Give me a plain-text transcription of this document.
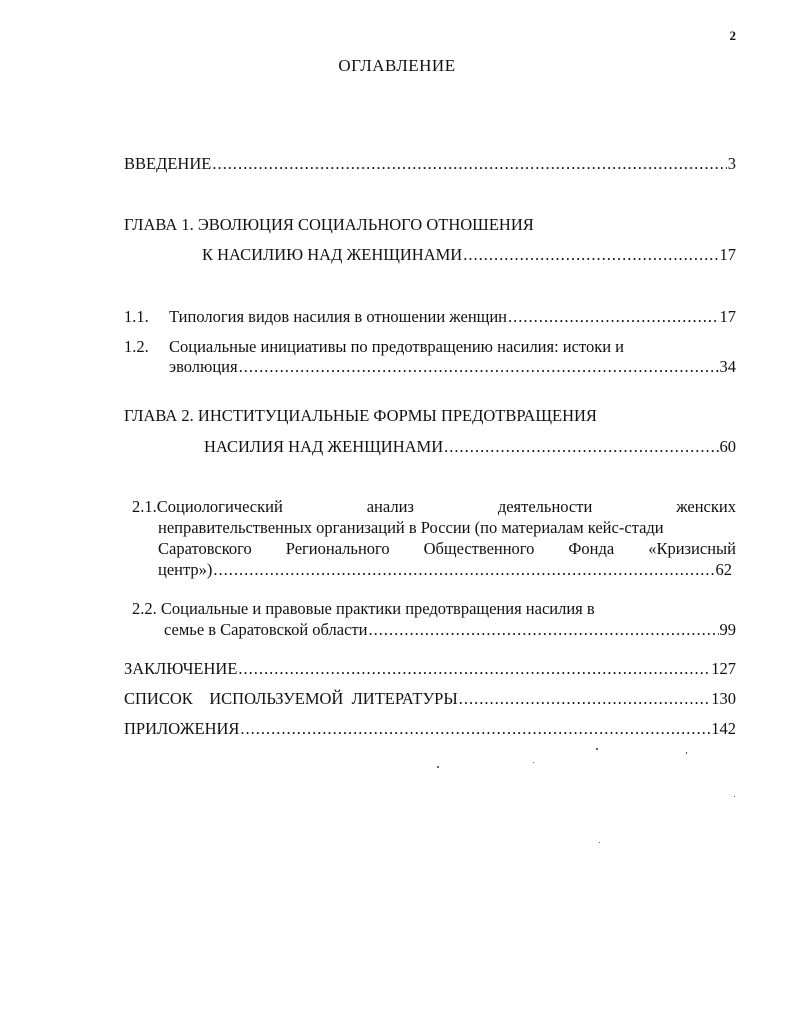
2
ОГЛАВЛЕНИЕ
ВВЕДЕНИЕ .....	3
ГЛАВА 1. ЭВОЛЮЦИЯ СОЦИАЛЬНОГО ОТНОШЕНИЯ
К НАСИЛИЮ НАД ЖЕНЩИНАМИ .....	17
1.1. Типология видов насилия в отношении женщин .....	17
1.2. Социальные инициативы по предотвращению насилия: истоки и
эволюция .....	34
ГЛАВА 2. ИНСТИТУЦИАЛЬНЫЕ ФОРМЫ ПРЕДОТВРАЩЕНИЯ
НАСИЛИЯ НАД ЖЕНЩИНАМИ .....	60
2.1.Социологический	анализ	деятельности	женских
неправительственных организаций в России (по материалам кейс-стади
Саратовского Регионального Общественного Фонда «Кризисный
центр») .....	62
2.2. Социальные и правовые практики предотвращения насилия в
семье в Саратовской области .....	99
ЗАКЛЮЧЕНИЕ .....	127
СПИСОК    ИСПОЛЬЗУЕМОЙ  ЛИТЕРАТУРЫ .....	130
ПРИЛОЖЕНИЯ .....	142
